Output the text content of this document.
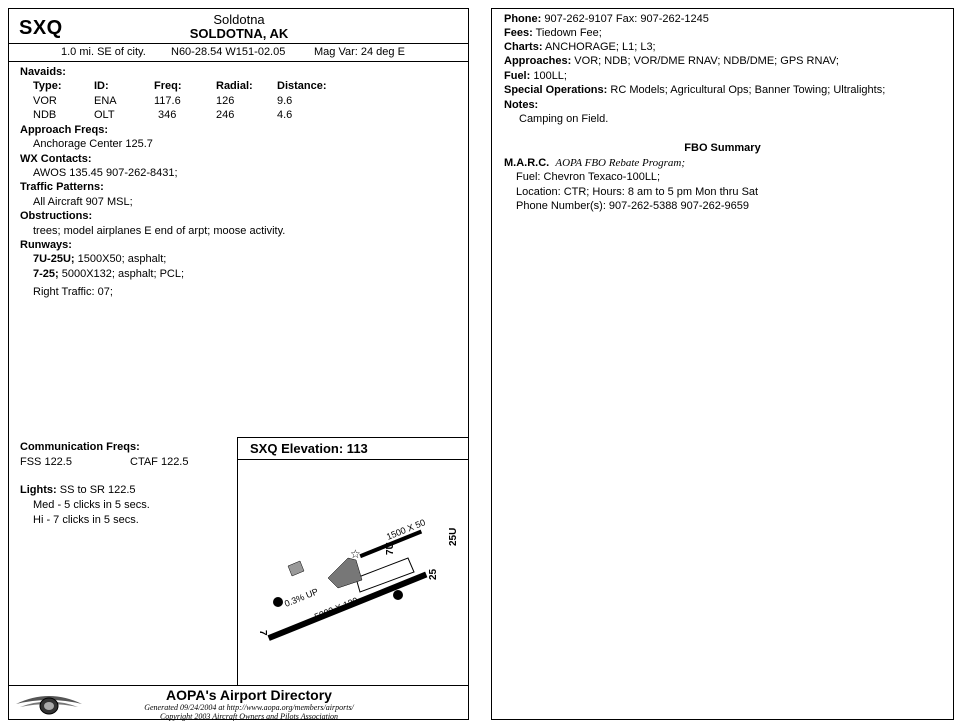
SXQ	Soldotna
SOLDOTNA, AK
1.0 mi. SE of city. N60-28.54 W151-02.05	Mag Var: 24 deg E
Navaids:
Type:	ID:	Freq:	Radial: Distance:
VOR	ENA	117.6	126	9.6
NDB	OLT	346	246	4.6
Approach Freqs:
Anchorage Center 125.7
WX Contacts:
AWOS 135.45 907-262-8431;
Traffic Patterns:
All Aircraft 907 MSL;
Obstructions:
trees; model airplanes E end of arpt; moose activity.
Runways:
7U-25U; 1500X50; asphalt;
7-25; 5000X132; asphalt; PCL;
Right Traffic: 07;
Communication Freqs:
FSS 122.5	CTAF 122.5
Lights: SS to SR 122.5
Med - 5 clicks in 5 secs.
Hi - 7 clicks in 5 secs.
SXQ Elevation: 113
☆
0.3% UP
5000 X 130
1500 X 50
7U
25U
25
7
AOPA's Airport Directory
Generated 09/24/2004 at http://www.aopa.org/members/airports/
Copyright 2003 Aircraft Owners and Pilots Association
Phone: 907-262-9107 Fax: 907-262-1245
Fees: Tiedown Fee;
Charts: ANCHORAGE; L1; L3;
Approaches: VOR; NDB; VOR/DME RNAV; NDB/DME; GPS RNAV;
Fuel: 100LL;
Special Operations: RC Models; Agricultural Ops; Banner Towing; Ultralights;
Notes:
Camping on Field.
FBO Summary
M.A.R.C. AOPA FBO Rebate Program;
Fuel: Chevron Texaco-100LL;
Location: CTR; Hours: 8 am to 5 pm Mon thru Sat
Phone Number(s): 907-262-5388 907-262-9659
